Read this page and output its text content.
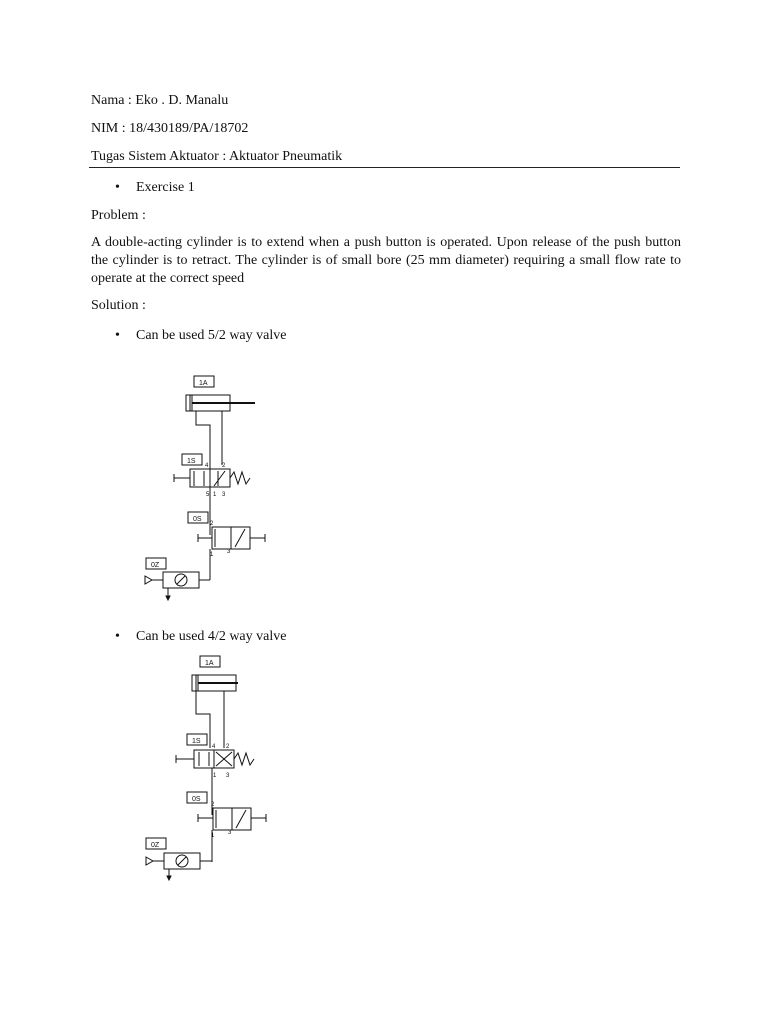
Nama : Eko . D. Manalu
NIM : 18/430189/PA/18702
Tugas Sistem Aktuator : Aktuator Pneumatik
• Exercise 1
Problem :
A double-acting cylinder is to extend when a push button is operated. Upon release of the push button the cylinder is to retract. The cylinder is of small bore (25 mm diameter) requiring a small flow rate to operate at the correct speed
Solution :
• Can be used 5/2 way valve
1A
1S
0S
0Z
4 2
5 1 3
2
1 3
• Can be used 4/2 way valve
1A
1S
0S
0Z
4 2
1 3
2
1 3
